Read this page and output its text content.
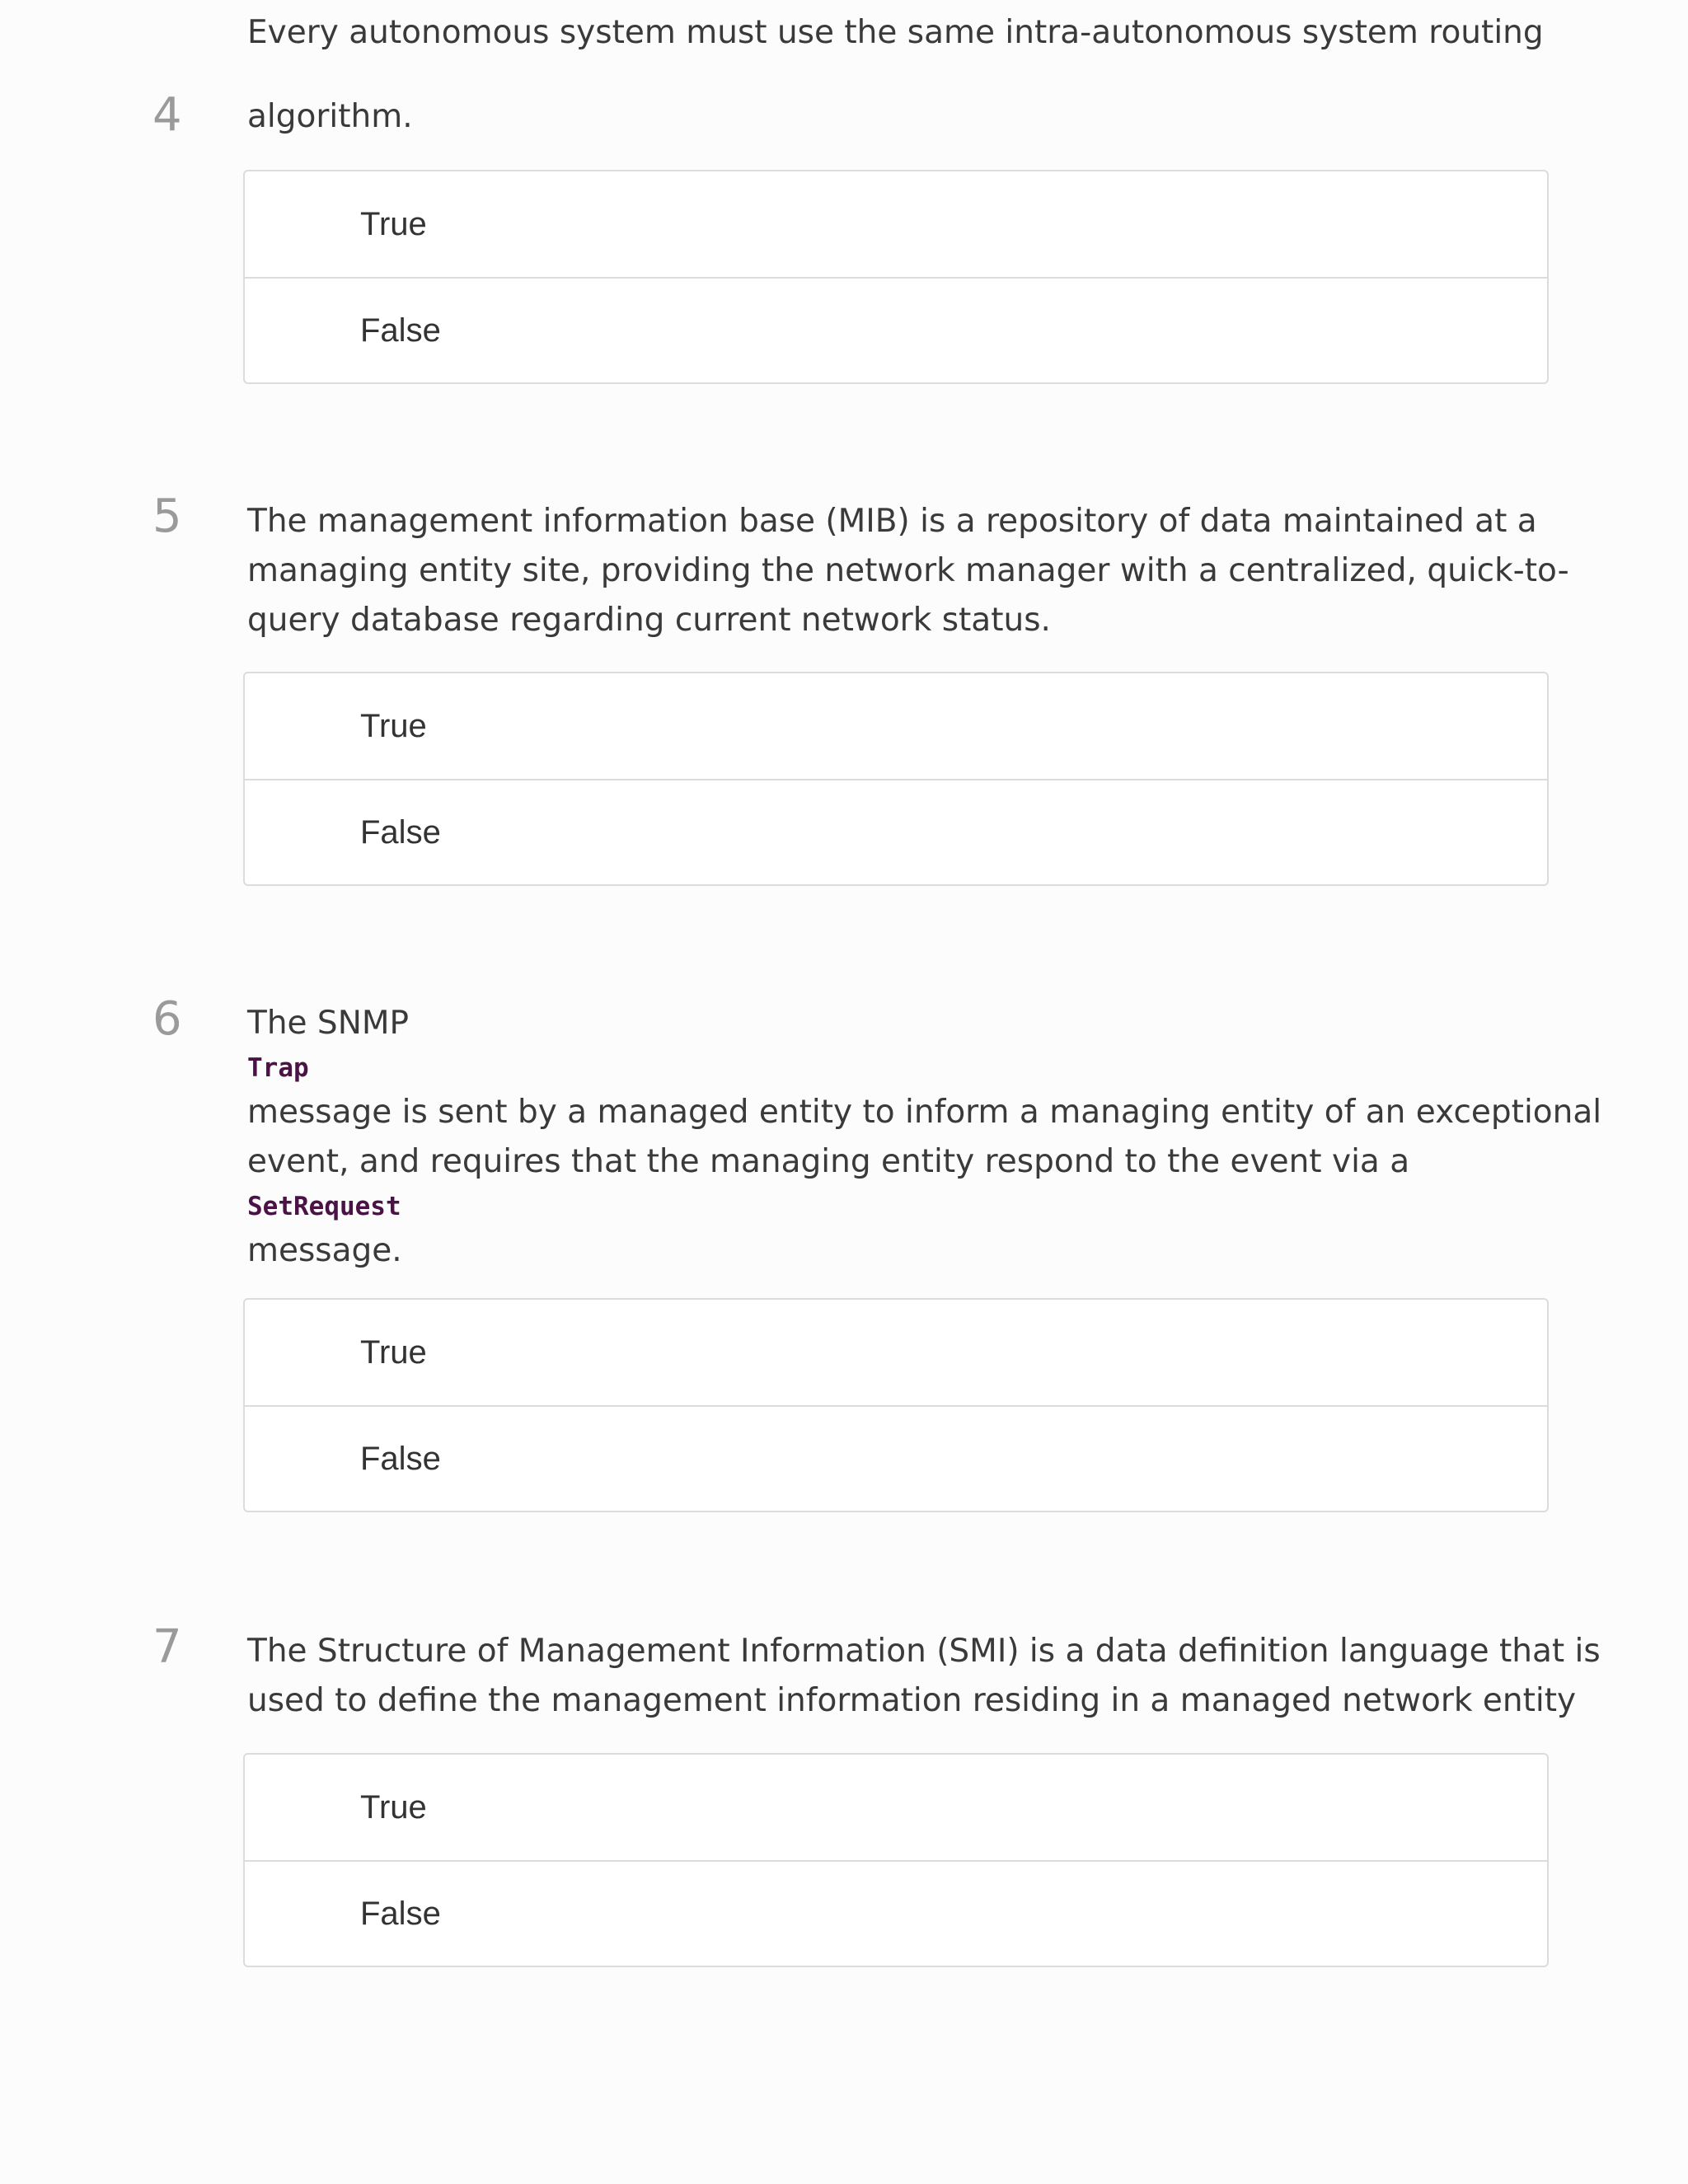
Every autonomous system must use the same intra-autonomous system routing
4 algorithm.
True
False
5 The management information base (MIB) is a repository of data maintained at a
managing entity site, providing the network manager with a centralized, quick-to-
query database regarding current network status.
True
False
6 The SNMP
Trap
message is sent by a managed entity to inform a managing entity of an exceptional
event, and requires that the managing entity respond to the event via a
SetRequest
message.
True
False
7 The Structure of Management Information (SMI) is a data definition language that is
used to define the management information residing in a managed network entity
True
False
